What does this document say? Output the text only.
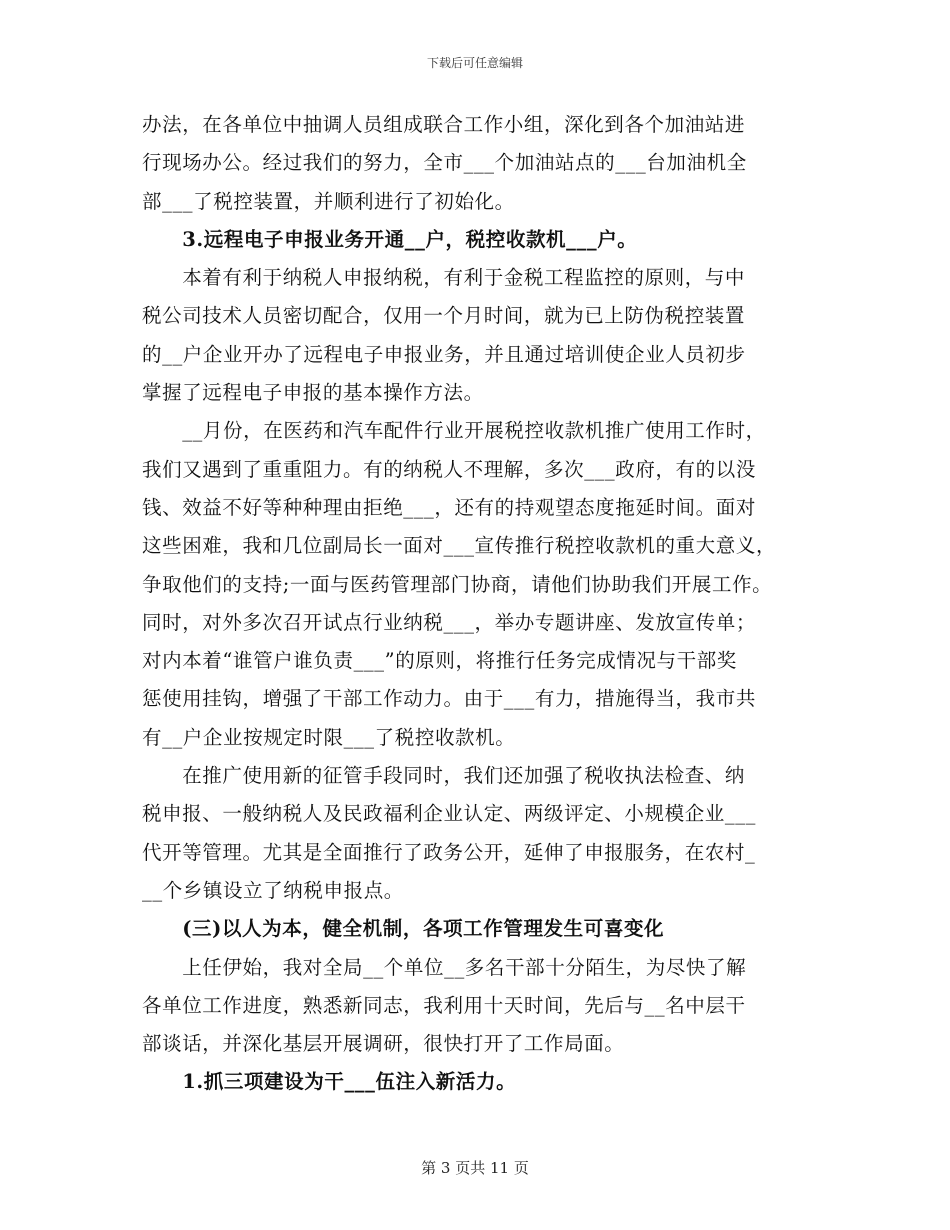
下载后可任意编辑
办法，在各单位中抽调人员组成联合工作小组，深化到各个加油站进
行现场办公。经过我们的努力，全市___个加油站点的___台加油机全
部___了税控装置，并顺利进行了初始化。
　　3.远程电子申报业务开通__户，税控收款机___户。
　　本着有利于纳税人申报纳税，有利于金税工程监控的原则，与中
税公司技术人员密切配合，仅用一个月时间，就为已上防伪税控装置
的__户企业开办了远程电子申报业务，并且通过培训使企业人员初步
掌握了远程电子申报的基本操作方法。
　　__月份，在医药和汽车配件行业开展税控收款机推广使用工作时，
我们又遇到了重重阻力。有的纳税人不理解，多次___政府，有的以没
钱、效益不好等种种理由拒绝___，还有的持观望态度拖延时间。面对
这些困难，我和几位副局长一面对___宣传推行税控收款机的重大意义，
争取他们的支持;一面与医药管理部门协商，请他们协助我们开展工作。
同时，对外多次召开试点行业纳税___，举办专题讲座、发放宣传单；
对内本着“谁管户谁负责___”的原则，将推行任务完成情况与干部奖
惩使用挂钩，增强了干部工作动力。由于___有力，措施得当，我市共
有__户企业按规定时限___了税控收款机。
　　在推广使用新的征管手段同时，我们还加强了税收执法检查、纳
税申报、一般纳税人及民政福利企业认定、两级评定、小规模企业___
代开等管理。尤其是全面推行了政务公开，延伸了申报服务，在农村_
__个乡镇设立了纳税申报点。
　　(三)以人为本，健全机制，各项工作管理发生可喜变化
　　上任伊始，我对全局__个单位__多名干部十分陌生，为尽快了解
各单位工作进度，熟悉新同志，我利用十天时间，先后与__名中层干
部谈话，并深化基层开展调研，很快打开了工作局面。
　　1.抓三项建设为干___伍注入新活力。
第 3 页共 11 页
